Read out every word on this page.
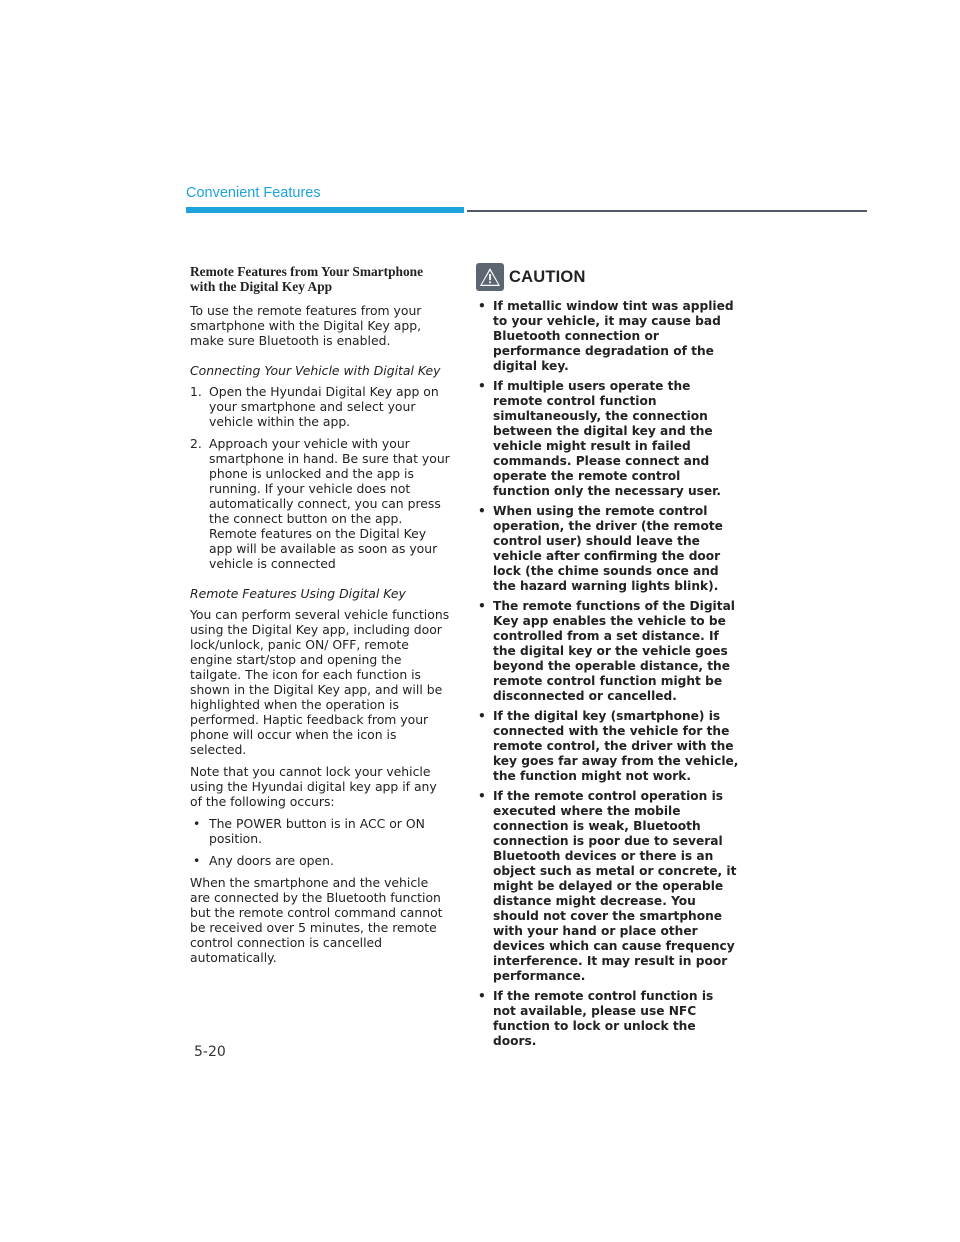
Convenient Features
Remote Features from Your Smartphone
with the Digital Key App

To use the remote features from your smartphone with the Digital Key app, make sure Bluetooth is enabled.

Connecting Your Vehicle with Digital Key
1. Open the Hyundai Digital Key app on your smartphone and select your vehicle within the app.
2. Approach your vehicle with your smartphone in hand. Be sure that your phone is unlocked and the app is running. If your vehicle does not automatically connect, you can press the connect button on the app. Remote features on the Digital Key app will be available as soon as your vehicle is connected
Remote Features Using Digital Key

You can perform several vehicle functions using the Digital Key app, including door lock/unlock, panic ON/ OFF, remote engine start/stop and opening the tailgate. The icon for each function is shown in the Digital Key app, and will be highlighted when the operation is performed. Haptic feedback from your phone will occur when the icon is selected.

Note that you cannot lock your vehicle using the Hyundai digital key app if any of the following occurs:

• The POWER button is in ACC or ON position.
• Any doors are open.

When the smartphone and the vehicle are connected by the Bluetooth function but the remote control command cannot be received over 5 minutes, the remote control connection is cancelled automatically.

CAUTION
• If metallic window tint was applied to your vehicle, it may cause bad Bluetooth connection or performance degradation of the digital key.
• If multiple users operate the remote control function simultaneously, the connection between the digital key and the vehicle might result in failed commands. Please connect and operate the remote control function only the necessary user.
• When using the remote control operation, the driver (the remote control user) should leave the vehicle after confirming the door lock (the chime sounds once and the hazard warning lights blink).
• The remote functions of the Digital Key app enables the vehicle to be controlled from a set distance. If the digital key or the vehicle goes beyond the operable distance, the remote control function might be disconnected or cancelled.
• If the digital key (smartphone) is connected with the vehicle for the remote control, the driver with the key goes far away from the vehicle, the function might not work.
• If the remote control operation is executed where the mobile connection is weak, Bluetooth connection is poor due to several Bluetooth devices or there is an object such as metal or concrete, it might be delayed or the operable distance might decrease. You should not cover the smartphone with your hand or place other devices which can cause frequency interference. It may result in poor performance.
• If the remote control function is not available, please use NFC function to lock or unlock the doors.
5-20
